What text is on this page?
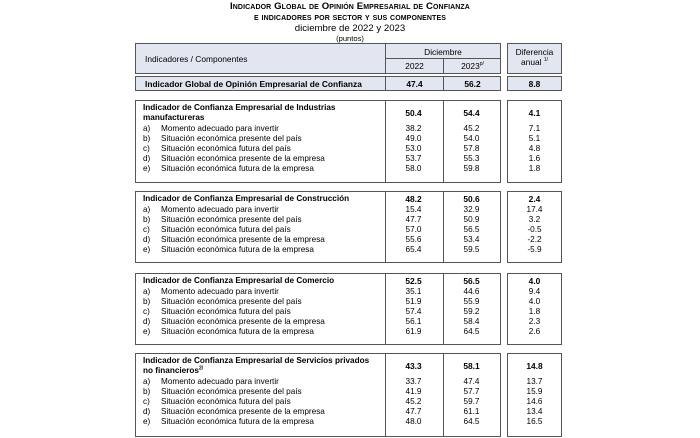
Indicador Global de Opinión Empresarial de Confianza
e indicadores por sector y sus componentes
diciembre de 2022 y 2023
(puntos)
Indicadores / Componentes
Diciembre
2022	$2023^{p/}$
Diferencia
anual $^{1/}$
Indicador Global de Opinión Empresarial de Confianza	47.4	56.2	8.8
Indicador de Confianza Empresarial de Industrias
manufactureras	50.4	54.4	4.1
a) Momento adecuado para invertir	38.2	45.2	7.1
b) Situación económica presente del país	49.0	54.0	5.1
c) Situación económica futura del país	53.0	57.8	4.8
d) Situación económica presente de la empresa	53.7	55.3	1.6
e) Situación económica futura de la empresa	58.0	59.8	1.8
Indicador de Confianza Empresarial de Construcción	48.2	50.6	2.4
a) Momento adecuado para invertir	15.4	32.9	17.4
b) Situación económica presente del país	47.7	50.9	3.2
c) Situación económica futura del país	57.0	56.5	-0.5
d) Situación económica presente de la empresa	55.6	53.4	-2.2
e) Situación económica futura de la empresa	65.4	59.5	-5.9
Indicador de Confianza Empresarial de Comercio	52.5	56.5	4.0
a) Momento adecuado para invertir	35.1	44.6	9.4
b) Situación económica presente del país	51.9	55.9	4.0
c) Situación económica futura del país	57.4	59.2	1.8
d) Situación económica presente de la empresa	56.1	58.4	2.3
e) Situación económica futura de la empresa	61.9	64.5	2.6
Indicador de Confianza Empresarial de Servicios privados
no financieros$^{2/}$	43.3	58.1	14.8
a) Momento adecuado para invertir	33.7	47.4	13.7
b) Situación económica presente del país	41.9	57.7	15.9
c) Situación económica futura del país	45.2	59.7	14.6
d) Situación económica presente de la empresa	47.7	61.1	13.4
e) Situación económica futura de la empresa	48.0	64.5	16.5
